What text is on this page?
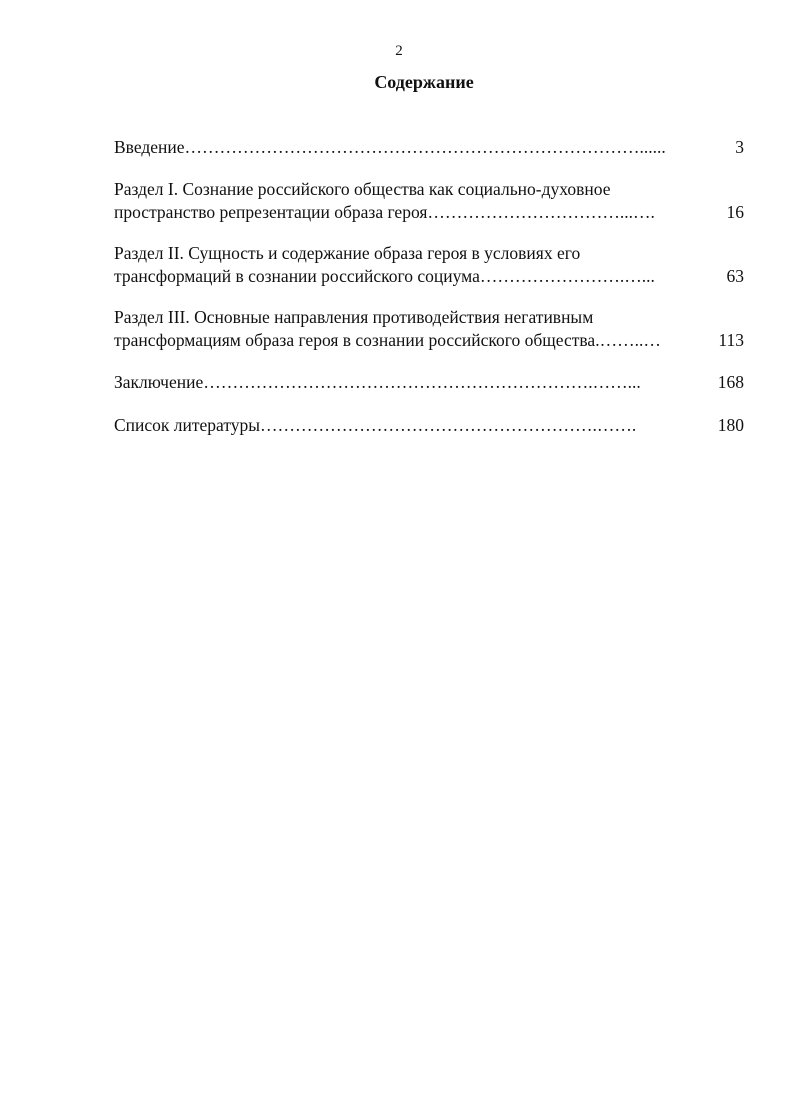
2
Содержание
Введение……………………………………………………………………......	3
Раздел I. Сознание российского общества как социально-духовное
пространство репрезентации образа героя……………………………...….	16
Раздел II. Сущность и содержание образа героя в условиях его
трансформаций в сознании российского социума…………………….…...	63
Раздел III. Основные направления противодействия негативным
трансформациям образа героя в сознании российского общества.……..…	113
Заключение………………………………………………………….……...	168
Список литературы………………………………………………….…….	180
